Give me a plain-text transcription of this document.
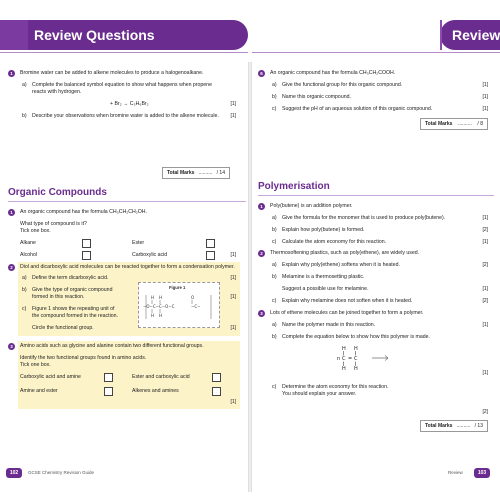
Review Questions	Review
1	Bromine water can be added to alkene molecules to produce a halogenoalkane.
a) Complete the balanced symbol equation to show what happens when propene
reacts with hydrogen.
+ Br₂ → C₃H₆Br₂	[1]
b) Describe your observations when bromine water is added to the alkene molecule.	[1]
Total Marks .......... / 14
Organic Compounds
1	An organic compound has the formula CH₃CH₂CH₂OH.
What type of compound is it?
Tick one box.
Alkane	Ester
Alcohol	Carboxylic acid	[1]
2	Diol and dicarboxylic acid molecules can be reacted together to form a condensation polymer.
a) Define the term dicarboxylic acid.	[1]
b) Give the type of organic compound
formed in this reaction.	[1]
c) Figure 1 shows the repeating unit of
the compound formed in the reaction.
Circle the functional group.	[1]
Figure 1
H H
−O−C−C−O−C
H H
O
−C−
3	Amino acids such as glycine and alanine contain two different functional groups.
Identify the two functional groups found in amino acids.
Tick one box.
Carboxylic acid and amine	Ester and carboxylic acid
Amine and ester	Alkenes and amines
[1]
102	GCSE Chemistry Revision Guide
6	An organic compound has the formula CH₃CH₂COOH.
a) Give the functional group for this organic compound.	[1]
b) Name this organic compound.	[1]
c) Suggest the pH of an aqueous solution of this organic compound.	[1]
Total Marks .......... / 8
Polymerisation
1	Poly(butene) is an addition polymer.
a) Give the formula for the monomer that is used to produce poly(butene).	[1]
b) Explain how poly(butene) is formed.	[2]
c) Calculate the atom economy for this reaction.	[1]
2	Thermosoftening plastics, such as poly(ethene), are widely used.
a) Explain why poly(ethene) softens when it is heated.	[2]
b) Melamine is a thermosetting plastic.
Suggest a possible use for melamine.	[1]
c) Explain why melamine does not soften when it is heated.	[2]
3	Lots of ethene molecules can be joined together to form a polymer.
a) Name the polymer made in this reaction.	[1]
b) Complete the equation below to show how this polymer is made.
H H
n C = C
H H
[1]
c) Determine the atom economy for this reaction.
You should explain your answer.
[2]
Total Marks .......... / 13
Review	103
